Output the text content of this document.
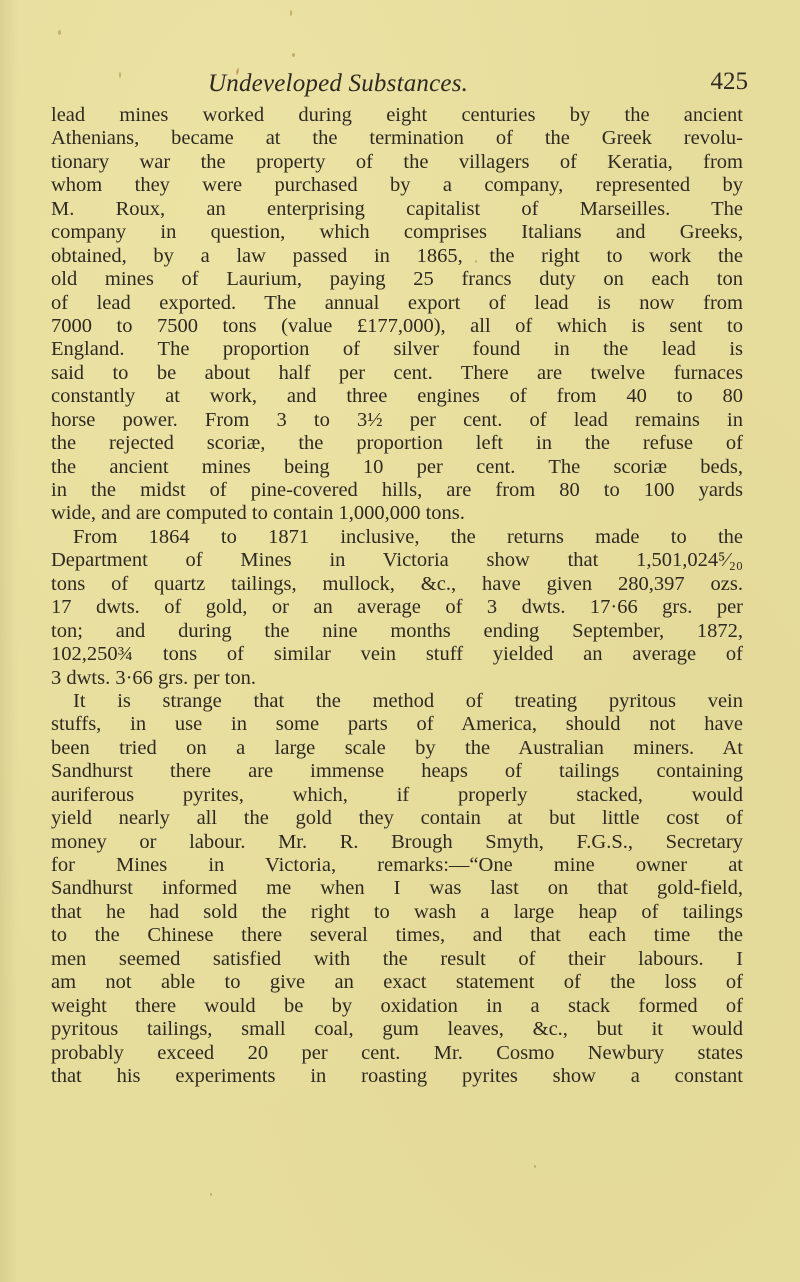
Undeveloped Substances.	425
lead mines worked during eight centuries by the ancient
Athenians, became at the termination of the Greek revolu-
tionary war the property of the villagers of Keratia, from
whom they were purchased by a company, represented by
M. Roux, an enterprising capitalist of Marseilles. The
company in question, which comprises Italians and Greeks,
obtained, by a law passed in 1865, the right to work the
old mines of Laurium, paying 25 francs duty on each ton
of lead exported. The annual export of lead is now from
7000 to 7500 tons (value £177,000), all of which is sent to
England. The proportion of silver found in the lead is
said to be about half per cent. There are twelve furnaces
constantly at work, and three engines of from 40 to 80
horse power. From 3 to 3½ per cent. of lead remains in
the rejected scoriæ, the proportion left in the refuse of
the ancient mines being 10 per cent. The scoriæ beds,
in the midst of pine-covered hills, are from 80 to 100 yards
wide, and are computed to contain 1,000,000 tons.
From 1864 to 1871 inclusive, the returns made to the
Department of Mines in Victoria show that 1,501,024⁵⁄₂₀
tons of quartz tailings, mullock, &c., have given 280,397 ozs.
17 dwts. of gold, or an average of 3 dwts. 17·66 grs. per
ton; and during the nine months ending September, 1872,
102,250¾ tons of similar vein stuff yielded an average of
3 dwts. 3·66 grs. per ton.
It is strange that the method of treating pyritous vein
stuffs, in use in some parts of America, should not have
been tried on a large scale by the Australian miners. At
Sandhurst there are immense heaps of tailings containing
auriferous pyrites, which, if properly stacked, would
yield nearly all the gold they contain at but little cost of
money or labour. Mr. R. Brough Smyth, F.G.S., Secretary
for Mines in Victoria, remarks:—“One mine owner at
Sandhurst informed me when I was last on that gold-field,
that he had sold the right to wash a large heap of tailings
to the Chinese there several times, and that each time the
men seemed satisfied with the result of their labours. I
am not able to give an exact statement of the loss of
weight there would be by oxidation in a stack formed of
pyritous tailings, small coal, gum leaves, &c., but it would
probably exceed 20 per cent. Mr. Cosmo Newbury states
that his experiments in roasting pyrites show a constant
